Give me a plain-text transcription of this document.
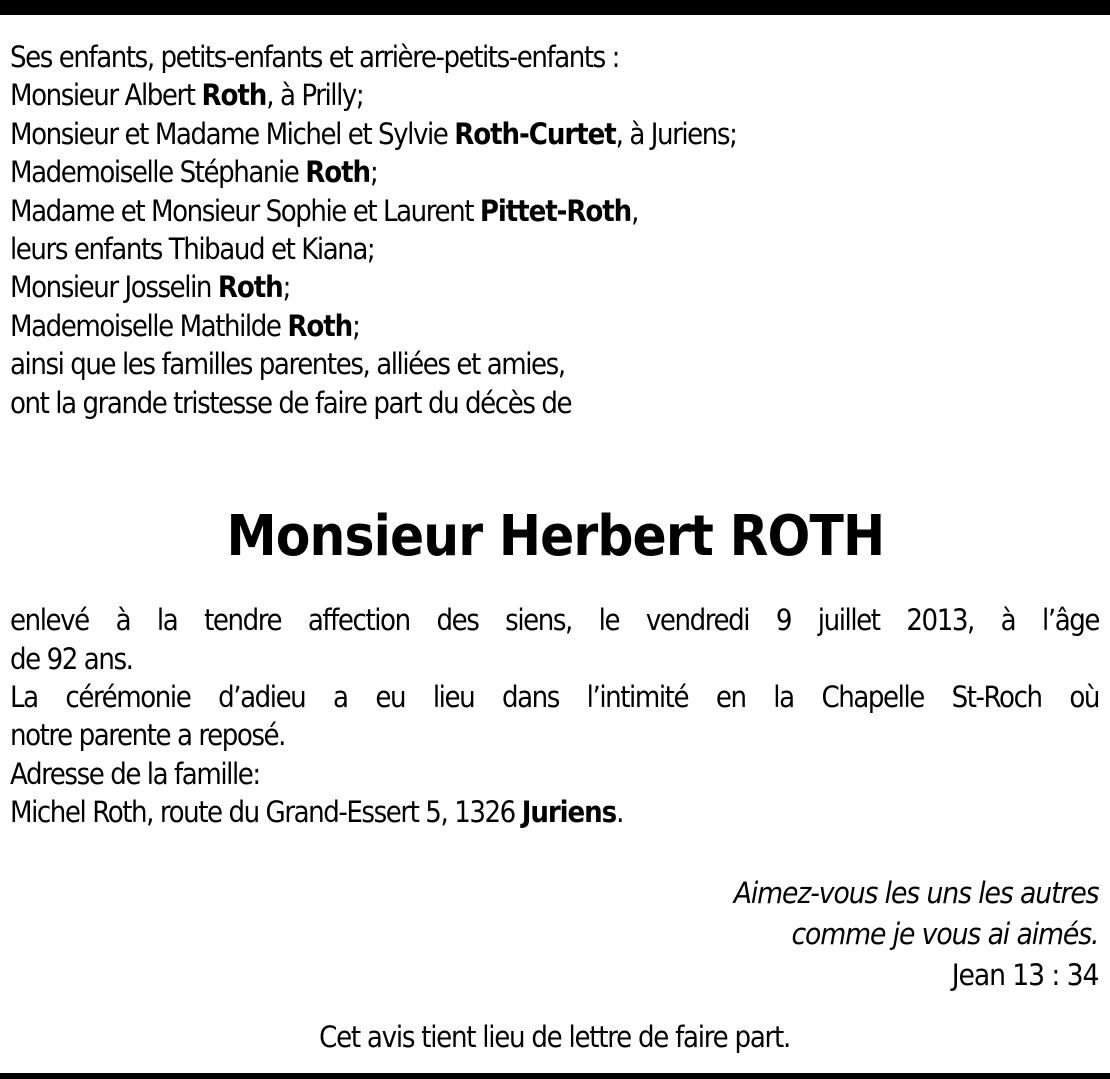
Ses enfants, petits-enfants et arrière-petits-enfants :
Monsieur Albert Roth, à Prilly;
Monsieur et Madame Michel et Sylvie Roth-Curtet, à Juriens;
Mademoiselle Stéphanie Roth;
Madame et Monsieur Sophie et Laurent Pittet-Roth,
leurs enfants Thibaud et Kiana;
Monsieur Josselin Roth;
Mademoiselle Mathilde Roth;
ainsi que les familles parentes, alliées et amies,
ont la grande tristesse de faire part du décès de
Monsieur Herbert ROTH
enlevé à la tendre affection des siens, le vendredi 9 juillet 2013, à l’âge
de 92 ans.
La cérémonie d’adieu a eu lieu dans l’intimité en la Chapelle St-Roch où
notre parente a reposé.
Adresse de la famille:
Michel Roth, route du Grand-Essert 5, 1326 Juriens.
Aimez-vous les uns les autres
comme je vous ai aimés.
Jean 13 : 34
Cet avis tient lieu de lettre de faire part.
